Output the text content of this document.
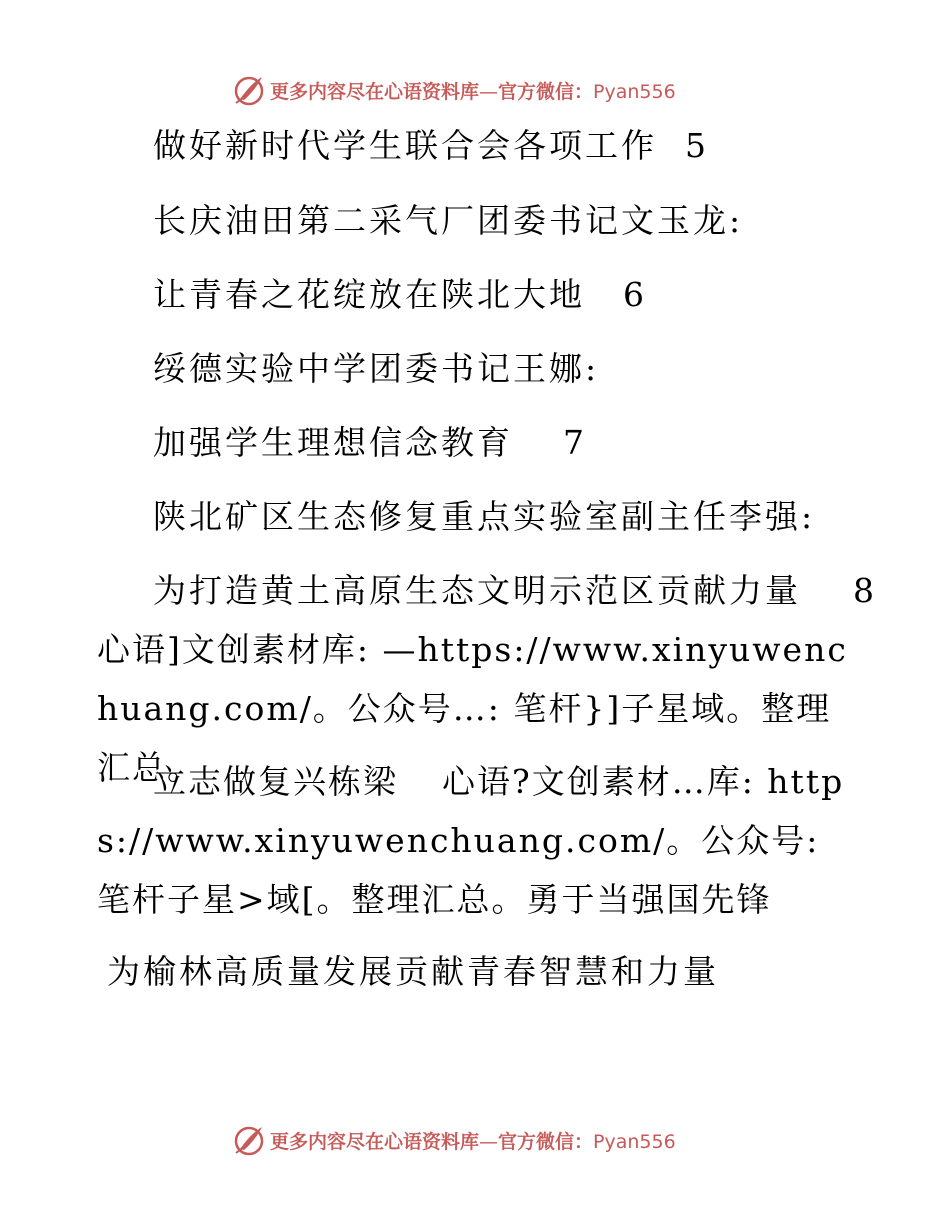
更多内容尽在心语资料库—官方微信：Pyan556
做好新时代学生联合会各项工作 5
长庆油田第二采气厂团委书记文玉龙:
让青春之花绽放在陕北大地 6
绥德实验中学团委书记王娜:
加强学生理想信念教育 7
陕北矿区生态修复重点实验室副主任李强:
为打造黄土高原生态文明示范区贡献力量 8
心语]文创素材库: —https://www.xinyuwenchuang.com/。公众号…: 笔杆}]子星域。整理汇总。
立志做复兴栋梁 心语?文创素材…库: https://www.xinyuwenchuang.com/。公众号: 笔杆子星>域[。整理汇总。勇于当强国先锋
为榆林高质量发展贡献青春智慧和力量
更多内容尽在心语资料库—官方微信：Pyan556
